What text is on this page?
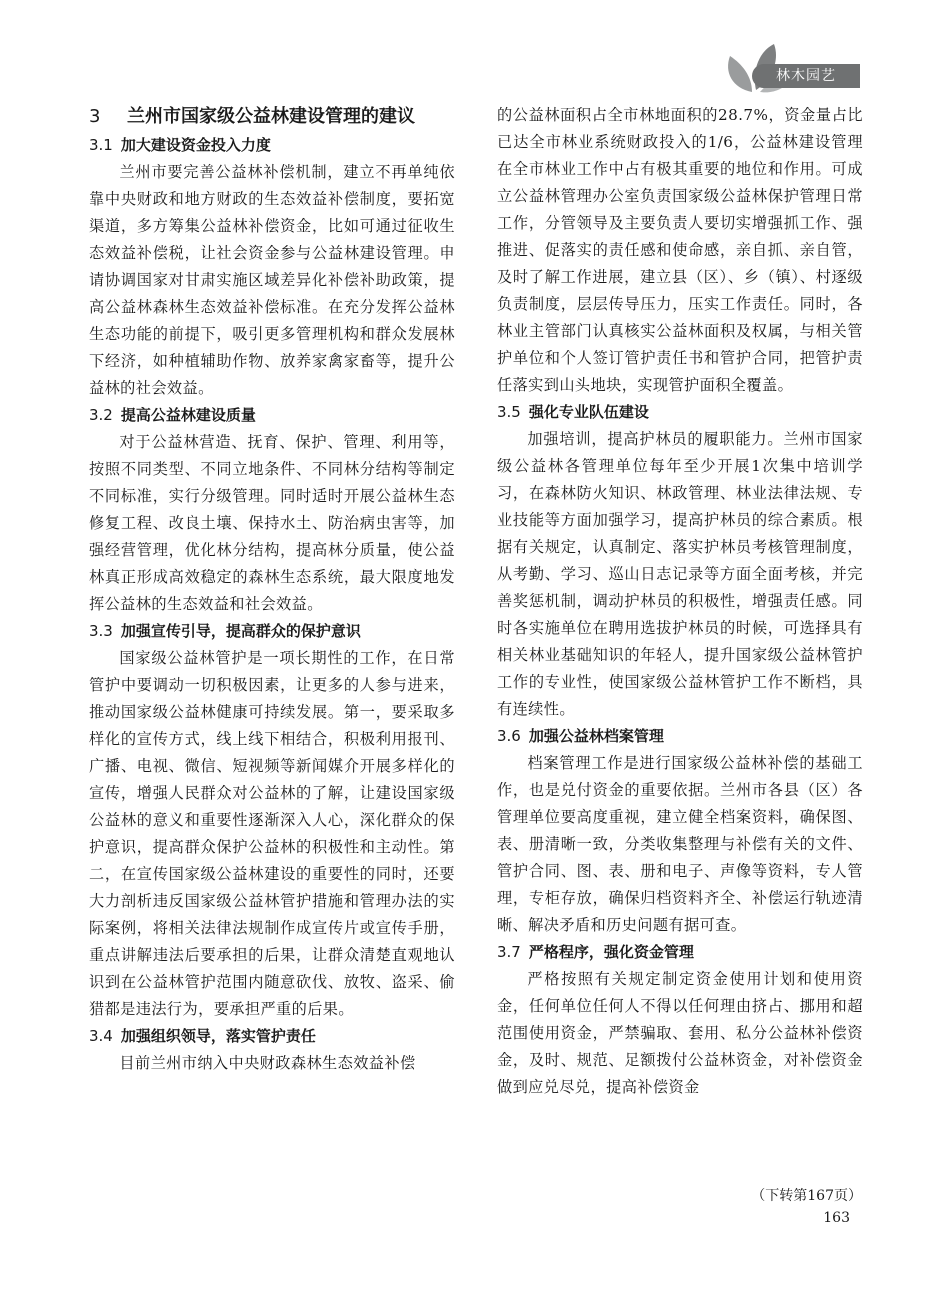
林木园艺
3 兰州市国家级公益林建设管理的建议
3.1 加大建设资金投入力度

兰州市要完善公益林补偿机制，建立不再单纯依靠中央财政和地方财政的生态效益补偿制度，要拓宽渠道，多方筹集公益林补偿资金，比如可通过征收生态效益补偿税，让社会资金参与公益林建设管理。申请协调国家对甘肃实施区域差异化补偿补助政策，提高公益林森林生态效益补偿标准。在充分发挥公益林生态功能的前提下，吸引更多管理机构和群众发展林下经济，如种植辅助作物、放养家禽家畜等，提升公益林的社会效益。

3.2 提高公益林建设质量

对于公益林营造、抚育、保护、管理、利用等，按照不同类型、不同立地条件、不同林分结构等制定不同标准，实行分级管理。同时适时开展公益林生态修复工程、改良土壤、保持水土、防治病虫害等，加强经营管理，优化林分结构，提高林分质量，使公益林真正形成高效稳定的森林生态系统，最大限度地发挥公益林的生态效益和社会效益。

3.3 加强宣传引导，提高群众的保护意识

国家级公益林管护是一项长期性的工作，在日常管护中要调动一切积极因素，让更多的人参与进来，推动国家级公益林健康可持续发展。第一，要采取多样化的宣传方式，线上线下相结合，积极利用报刊、广播、电视、微信、短视频等新闻媒介开展多样化的宣传，增强人民群众对公益林的了解，让建设国家级公益林的意义和重要性逐渐深入人心，深化群众的保护意识，提高群众保护公益林的积极性和主动性。第二，在宣传国家级公益林建设的重要性的同时，还要大力剖析违反国家级公益林管护措施和管理办法的实际案例，将相关法律法规制作成宣传片或宣传手册，重点讲解违法后要承担的后果，让群众清楚直观地认识到在公益林管护范围内随意砍伐、放牧、盗采、偷猎都是违法行为，要承担严重的后果。

3.4 加强组织领导，落实管护责任

目前兰州市纳入中央财政森林生态效益补偿

的公益林面积占全市林地面积的28.7%，资金量占比已达全市林业系统财政投入的1/6，公益林建设管理在全市林业工作中占有极其重要的地位和作用。可成立公益林管理办公室负责国家级公益林保护管理日常工作，分管领导及主要负责人要切实增强抓工作、强推进、促落实的责任感和使命感，亲自抓、亲自管，及时了解工作进展，建立县（区）、乡（镇）、村逐级负责制度，层层传导压力，压实工作责任。同时，各林业主管部门认真核实公益林面积及权属，与相关管护单位和个人签订管护责任书和管护合同，把管护责任落实到山头地块，实现管护面积全覆盖。

3.5 强化专业队伍建设

加强培训，提高护林员的履职能力。兰州市国家级公益林各管理单位每年至少开展1次集中培训学习，在森林防火知识、林政管理、林业法律法规、专业技能等方面加强学习，提高护林员的综合素质。根据有关规定，认真制定、落实护林员考核管理制度，从考勤、学习、巡山日志记录等方面全面考核，并完善奖惩机制，调动护林员的积极性，增强责任感。同时各实施单位在聘用选拔护林员的时候，可选择具有相关林业基础知识的年轻人，提升国家级公益林管护工作的专业性，使国家级公益林管护工作不断档，具有连续性。

3.6 加强公益林档案管理

档案管理工作是进行国家级公益林补偿的基础工作，也是兑付资金的重要依据。兰州市各县（区）各管理单位要高度重视，建立健全档案资料，确保图、表、册清晰一致，分类收集整理与补偿有关的文件、管护合同、图、表、册和电子、声像等资料，专人管理，专柜存放，确保归档资料齐全、补偿运行轨迹清晰、解决矛盾和历史问题有据可查。

3.7 严格程序，强化资金管理

严格按照有关规定制定资金使用计划和使用资金，任何单位任何人不得以任何理由挤占、挪用和超范围使用资金，严禁骗取、套用、私分公益林补偿资金，及时、规范、足额拨付公益林资金，对补偿资金做到应兑尽兑，提高补偿资金

（下转第167页）
163
